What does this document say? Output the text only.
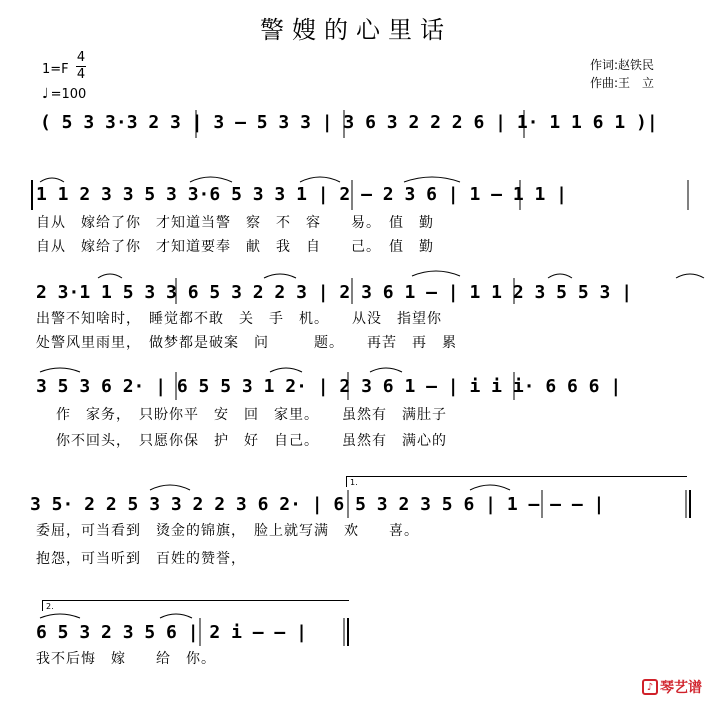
警嫂的心里话
1=F
4
4
♩ =100
作词:赵铁民
作曲:王　立
( 5 3 3·3 2 3 | 3 – 5 3 3 | 3 6 3 2 2 2 6 | 1· 1 1 6 1 )|
1 1 2 3 3 5 3 3·6 5 3 3 1 | 2 – 2 3 6 | 1 – 1 1 |
自从　嫁给了你　才知道当警　察　不　容　　易。　值　勤
自从　嫁给了你　才知道要奉　献　我　自　　己。　值　勤
2 3·1 1 5 3 3 6 5 3 2 2 3 | 2 3 6 1 – | 1 1 2 3 5 5 3 |
出警不知啥时，　睡觉都不敢　关　手　机。　　从没　指望你
处警风里雨里，　做梦都是破案　问　　　题。　　再苦　再　累
3 5 3 6 2· | 6 5 5 3 1 2· | 2 3 6 1 – | i i i· 6 6 6 |
作　家务，　只盼你平　安　回　家里。　　虽然有　满肚子
你不回头，　只愿你保　护　好　自己。　　虽然有　满心的
1.
3 5· 2 2 5 3 3 2 2 3 6 2· | 6 5 3 2 3 5 6 | 1 – – – |
委屈，可当看到　烫金的锦旗，　脸上就写满　欢　　喜。
抱怨，可当听到　百姓的赞誉，
2.
6 5 3 2 3 5 6 | 2 i – – |
我不后悔　嫁　　给　你。
♪ 琴艺谱
